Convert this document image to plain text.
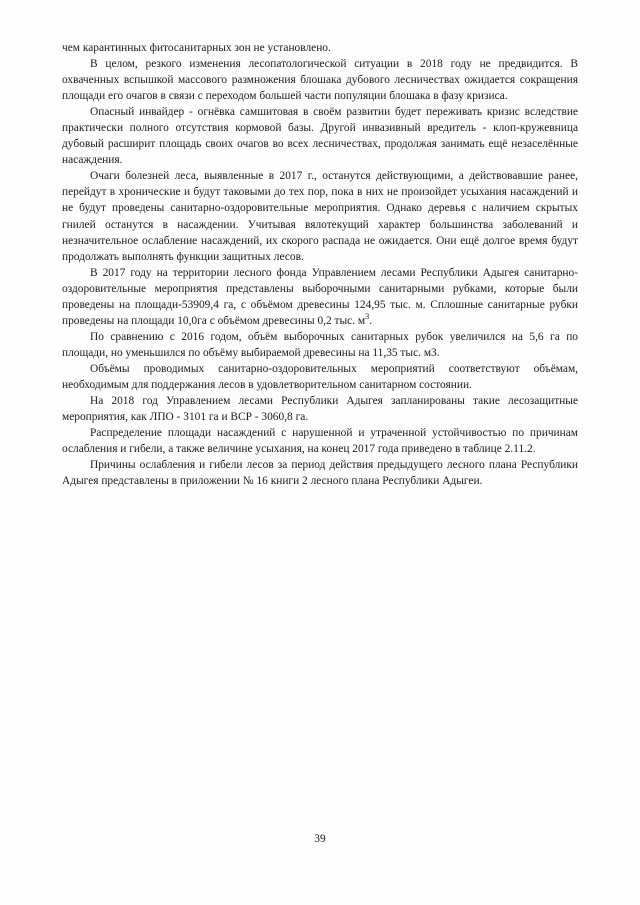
чем карантинных фитосанитарных зон не установлено.

В целом, резкого изменения лесопатологической ситуации в 2018 году не предвидится. В охваченных вспышкой массового размножения блошака дубового лесничествах ожидается сокращения площади его очагов в связи с переходом большей части популяции блошака в фазу кризиса.

Опасный инвайдер - огнёвка самшитовая в своём развитии будет переживать кризис вследствие практически полного отсутствия кормовой базы. Другой инвазивный вредитель - клоп-кружевница дубовый расширит площадь своих очагов во всех лесничествах, продолжая занимать ещё незаселённые насаждения.

Очаги болезней леса, выявленные в 2017 г., останутся действующими, а действовавшие ранее, перейдут в хронические и будут таковыми до тех пор, пока в них не произойдет усыхания насаждений и не будут проведены санитарно-оздоровительные мероприятия. Однако деревья с наличием скрытых гнилей останутся в насаждении. Учитывая вялотекущий характер большинства заболеваний и незначительное ослабление насаждений, их скорого распада не ожидается. Они ещё долгое время будут продолжать выполнять функции защитных лесов.

В 2017 году на территории лесного фонда Управлением лесами Республики Адыгея санитарно-оздоровительные мероприятия представлены выборочными санитарными рубками, которые были проведены на площади-53909,4 га, с объёмом древесины 124,95 тыс. м. Сплошные санитарные рубки проведены на площади 10,0га с объёмом древесины 0,2 тыс. $м^3$.

По сравнению с 2016 годом, объём выборочных санитарных рубок увеличился на 5,6 га по площади, но уменьшился по объёму выбираемой древесины на 11,35 тыс. м3.

Объёмы проводимых санитарно-оздоровительных мероприятий соответствуют объёмам, необходимым для поддержания лесов в удовлетворительном санитарном состоянии.

На 2018 год Управлением лесами Республики Адыгея запланированы такие лесозащитные мероприятия, как ЛПО - 3101 га и ВСР - 3060,8 га.

Распределение площади насаждений с нарушенной и утраченной устойчивостью по причинам ослабления и гибели, а также величине усыхания, на конец 2017 года приведено в таблице 2.11.2.

Причины ослабления и гибели лесов за период действия предыдущего лесного плана Республики Адыгея представлены в приложении № 16 книги 2 лесного плана Республики Адыгеи.

39
